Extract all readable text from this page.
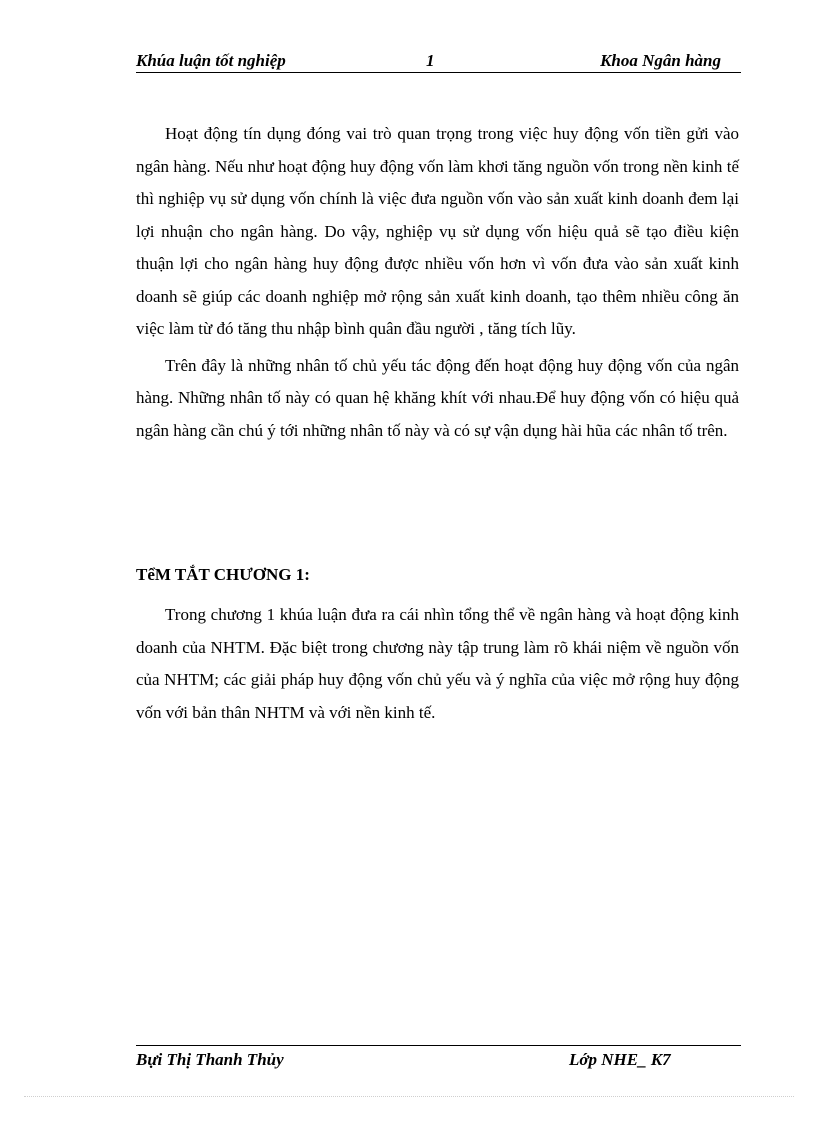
Khúa luận tốt nghiệp	1	Khoa Ngân hàng

Hoạt động tín dụng đóng vai trò quan trọng trong việc huy động vốn tiền gửi vào ngân hàng. Nếu như hoạt động huy động vốn làm khơi tăng nguồn vốn trong nền kinh tế thì nghiệp vụ sử dụng vốn chính là việc đưa nguồn vốn vào sản xuất kinh doanh đem lại lợi nhuận cho ngân hàng. Do vậy, nghiệp vụ sử dụng vốn hiệu quả sẽ tạo điều kiện thuận lợi cho ngân hàng huy động được nhiều vốn hơn vì vốn đưa vào sản xuất kinh doanh sẽ giúp các doanh nghiệp mở rộng sản xuất kinh doanh, tạo thêm nhiều công ăn việc làm từ đó tăng thu nhập bình quân đầu người , tăng tích lũy.

Trên đây là những nhân tố chủ yếu tác động đến hoạt động huy động vốn của ngân hàng. Những nhân tố này có quan hệ khăng khít với nhau.Để huy động vốn có hiệu quả ngân hàng cần chú ý tới những nhân tố này và có sự vận dụng hài hũa các nhân tố trên.

TểM TẮT CHƯƠNG 1:

Trong chương 1 khúa luận đưa ra cái nhìn tổng thể về ngân hàng và hoạt động kinh doanh của NHTM. Đặc biệt trong chương này tập trung làm rõ khái niệm về nguồn vốn của NHTM; các giải pháp huy động vốn chủ yếu và ý nghĩa của việc mở rộng huy động vốn với bản thân NHTM và với nền kinh tế.

Bựi Thị Thanh Thủy	Lớp NHE_ K7
